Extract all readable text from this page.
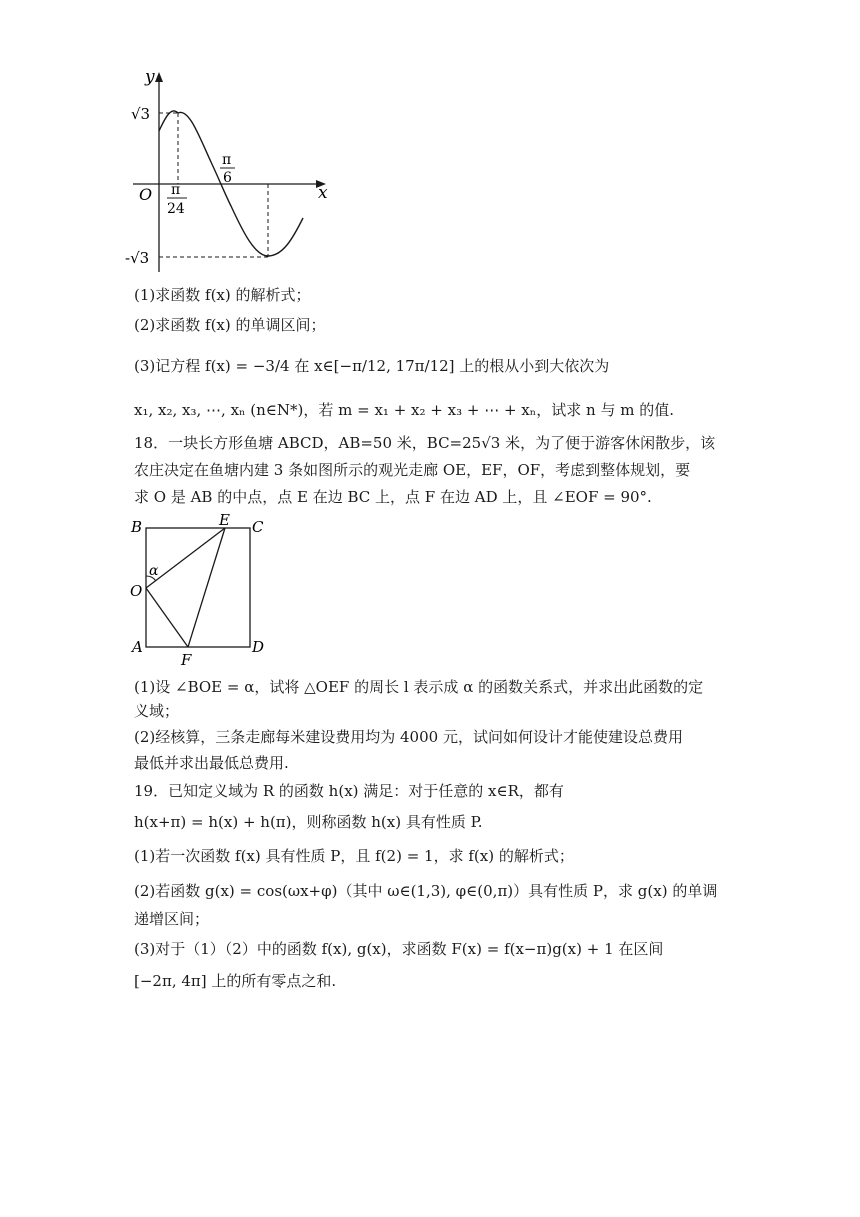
y
x
O
√3
-√3
π
24
π
6
(1)求函数 f(x) 的解析式；
(2)求函数 f(x) 的单调区间；
(3)记方程 f(x) = −3/4 在 x∈[−π/12, 17π/12] 上的根从小到大依次为
x₁, x₂, x₃, ⋯, xₙ (n∈N*)，若 m = x₁ + x₂ + x₃ + ⋯ + xₙ，试求 n 与 m 的值.
18．一块长方形鱼塘 ABCD，AB=50 米，BC=25√3 米，为了便于游客休闲散步，该
农庄决定在鱼塘内建 3 条如图所示的观光走廊 OE，EF，OF，考虑到整体规划，要
求 O 是 AB 的中点，点 E 在边 BC 上，点 F 在边 AD 上，且 ∠EOF = 90°.
B	E C
O
α
A
F
D
(1)设 ∠BOE = α，试将 △OEF 的周长 l 表示成 α 的函数关系式，并求出此函数的定
义域；
(2)经核算，三条走廊每米建设费用均为 4000 元，试问如何设计才能使建设总费用
最低并求出最低总费用.
19．已知定义域为 R 的函数 h(x) 满足：对于任意的 x∈R，都有
h(x+π) = h(x) + h(π)，则称函数 h(x) 具有性质 P.
(1)若一次函数 f(x) 具有性质 P，且 f(2) = 1，求 f(x) 的解析式；
(2)若函数 g(x) = cos(ωx+φ)（其中 ω∈(1,3), φ∈(0,π)）具有性质 P，求 g(x) 的单调
递增区间；
(3)对于（1）（2）中的函数 f(x), g(x)，求函数 F(x) = f(x−π)g(x) + 1 在区间
[−2π, 4π] 上的所有零点之和.
